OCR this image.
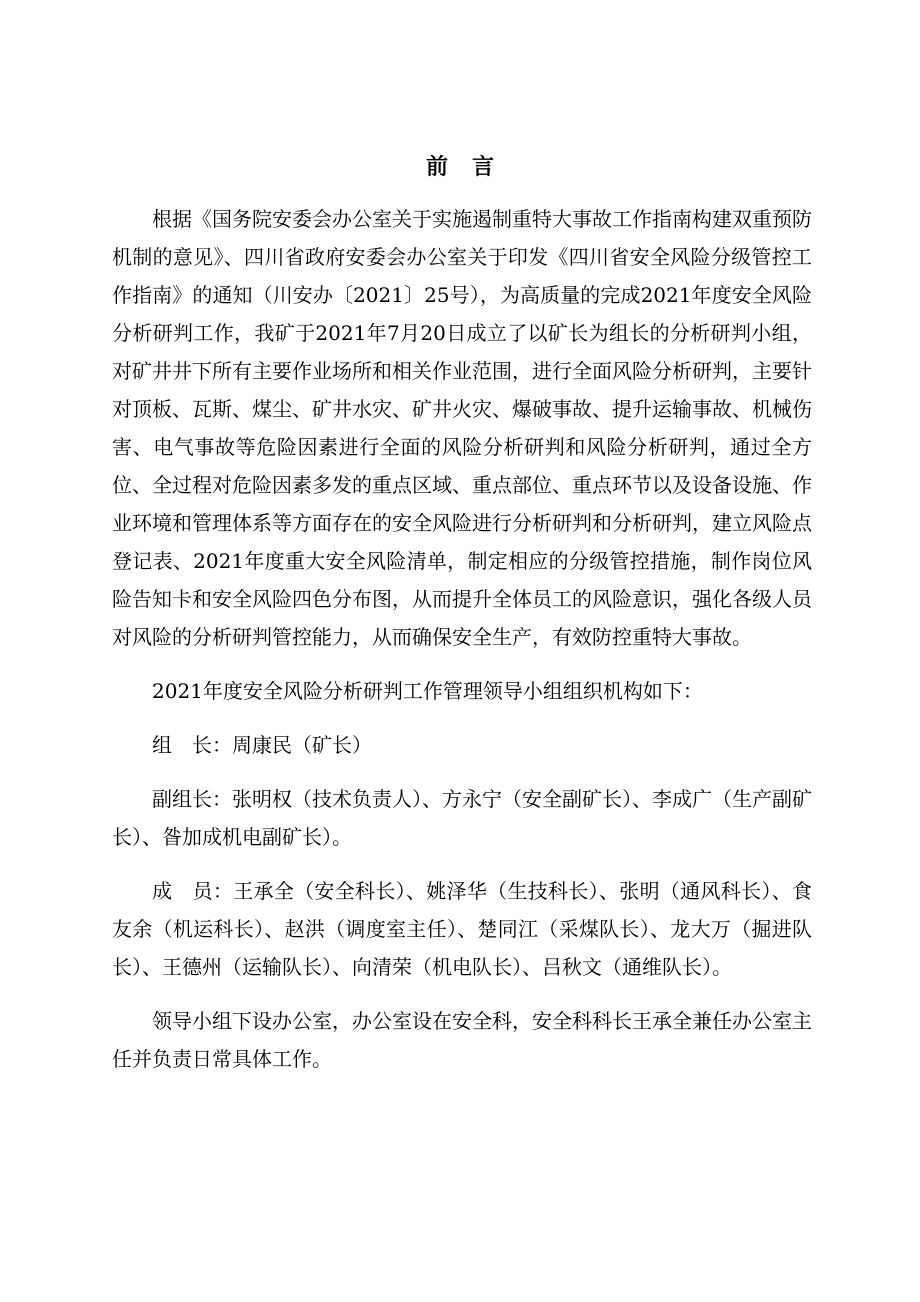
前言

根据《国务院安委会办公室关于实施遏制重特大事故工作指南构建双重预防机制的意见》、四川省政府安委会办公室关于印发《四川省安全风险分级管控工作指南》的通知（川安办〔2021〕25号），为高质量的完成2021年度安全风险分析研判工作，我矿于2021年7月20日成立了以矿长为组长的分析研判小组，对矿井井下所有主要作业场所和相关作业范围，进行全面风险分析研判，主要针对顶板、瓦斯、煤尘、矿井水灾、矿井火灾、爆破事故、提升运输事故、机械伤害、电气事故等危险因素进行全面的风险分析研判和风险分析研判，通过全方位、全过程对危险因素多发的重点区域、重点部位、重点环节以及设备设施、作业环境和管理体系等方面存在的安全风险进行分析研判和分析研判，建立风险点登记表、2021年度重大安全风险清单，制定相应的分级管控措施，制作岗位风险告知卡和安全风险四色分布图，从而提升全体员工的风险意识，强化各级人员对风险的分析研判管控能力，从而确保安全生产，有效防控重特大事故。

2021年度安全风险分析研判工作管理领导小组组织机构如下：

组　长：周康民（矿长）

副组长：张明权（技术负责人）、方永宁（安全副矿长）、李成广（生产副矿长）、昝加成机电副矿长）。

成　员：王承全（安全科长）、姚泽华（生技科长）、张明（通风科长）、食友余（机运科长）、赵洪（调度室主任）、楚同江（采煤队长）、龙大万（掘进队长）、王德州（运输队长）、向清荣（机电队长）、吕秋文（通维队长）。

领导小组下设办公室，办公室设在安全科，安全科科长王承全兼任办公室主任并负责日常具体工作。
